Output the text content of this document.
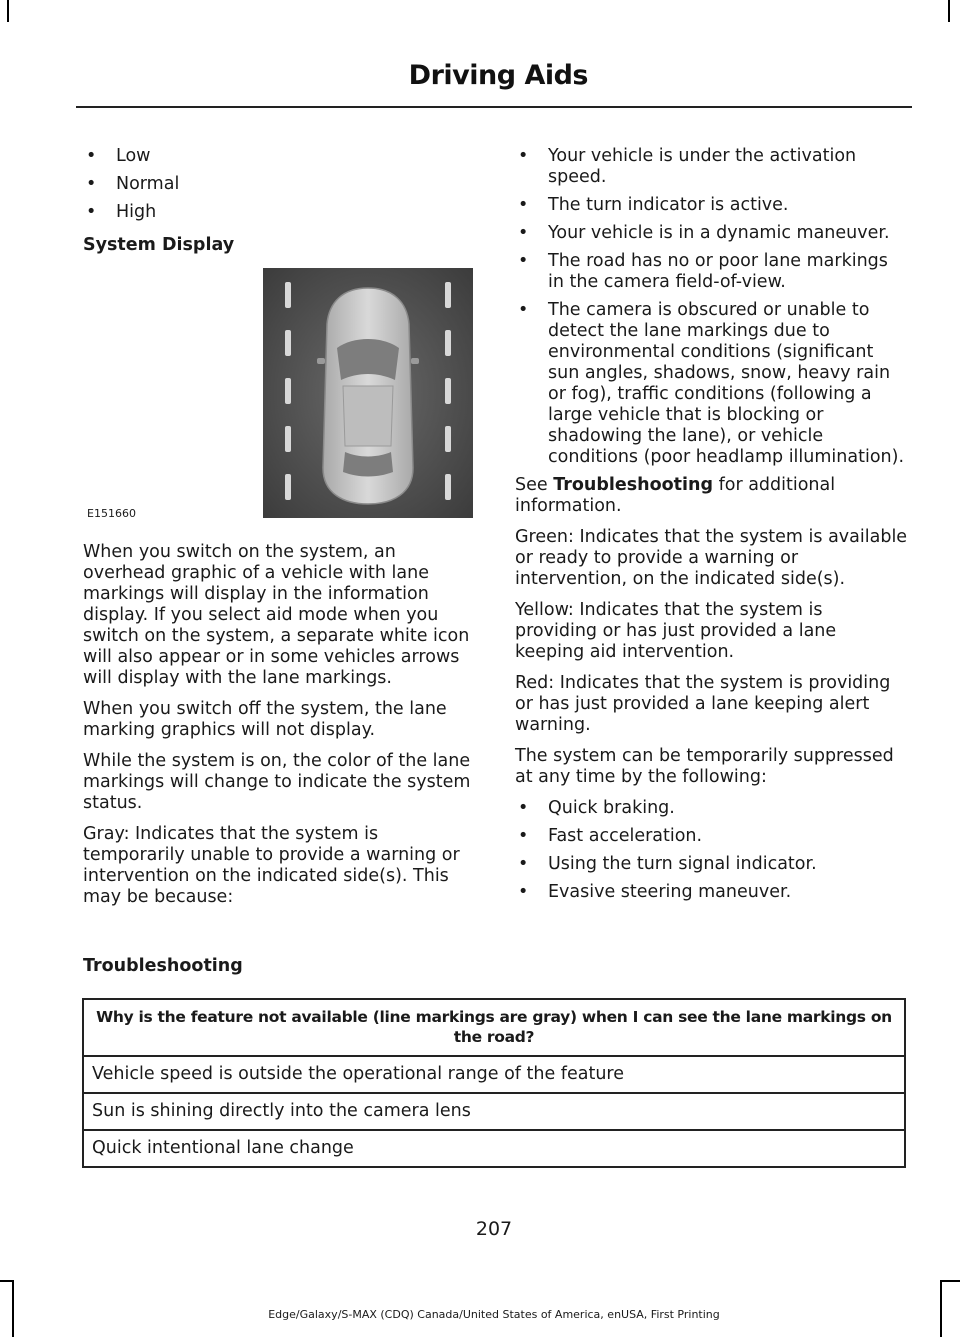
Driving Aids
• Low
• Normal
• High
System Display
E151660

When you switch on the system, an overhead graphic of a vehicle with lane markings will display in the information display. If you select aid mode when you switch on the system, a separate white icon will also appear or in some vehicles arrows will display with the lane markings.

When you switch off the system, the lane marking graphics will not display.

While the system is on, the color of the lane markings will change to indicate the system status.

Gray: Indicates that the system is temporarily unable to provide a warning or intervention on the indicated side(s). This may be because:

• Your vehicle is under the activation speed.
• The turn indicator is active.
• Your vehicle is in a dynamic maneuver.
• The road has no or poor lane markings in the camera field-of-view.
• The camera is obscured or unable to detect the lane markings due to environmental conditions (significant sun angles, shadows, snow, heavy rain or fog), traffic conditions (following a large vehicle that is blocking or shadowing the lane), or vehicle conditions (poor headlamp illumination).

See Troubleshooting for additional information.

Green: Indicates that the system is available or ready to provide a warning or intervention, on the indicated side(s).

Yellow: Indicates that the system is providing or has just provided a lane keeping aid intervention.

Red: Indicates that the system is providing or has just provided a lane keeping alert warning.

The system can be temporarily suppressed at any time by the following:

• Quick braking.
• Fast acceleration.
• Using the turn signal indicator.
• Evasive steering maneuver.
Troubleshooting
Why is the feature not available (line markings are gray) when I can see the lane markings on the road?
Vehicle speed is outside the operational range of the feature
Sun is shining directly into the camera lens
Quick intentional lane change
207
Edge/Galaxy/S-MAX (CDQ) Canada/United States of America, enUSA, First Printing
